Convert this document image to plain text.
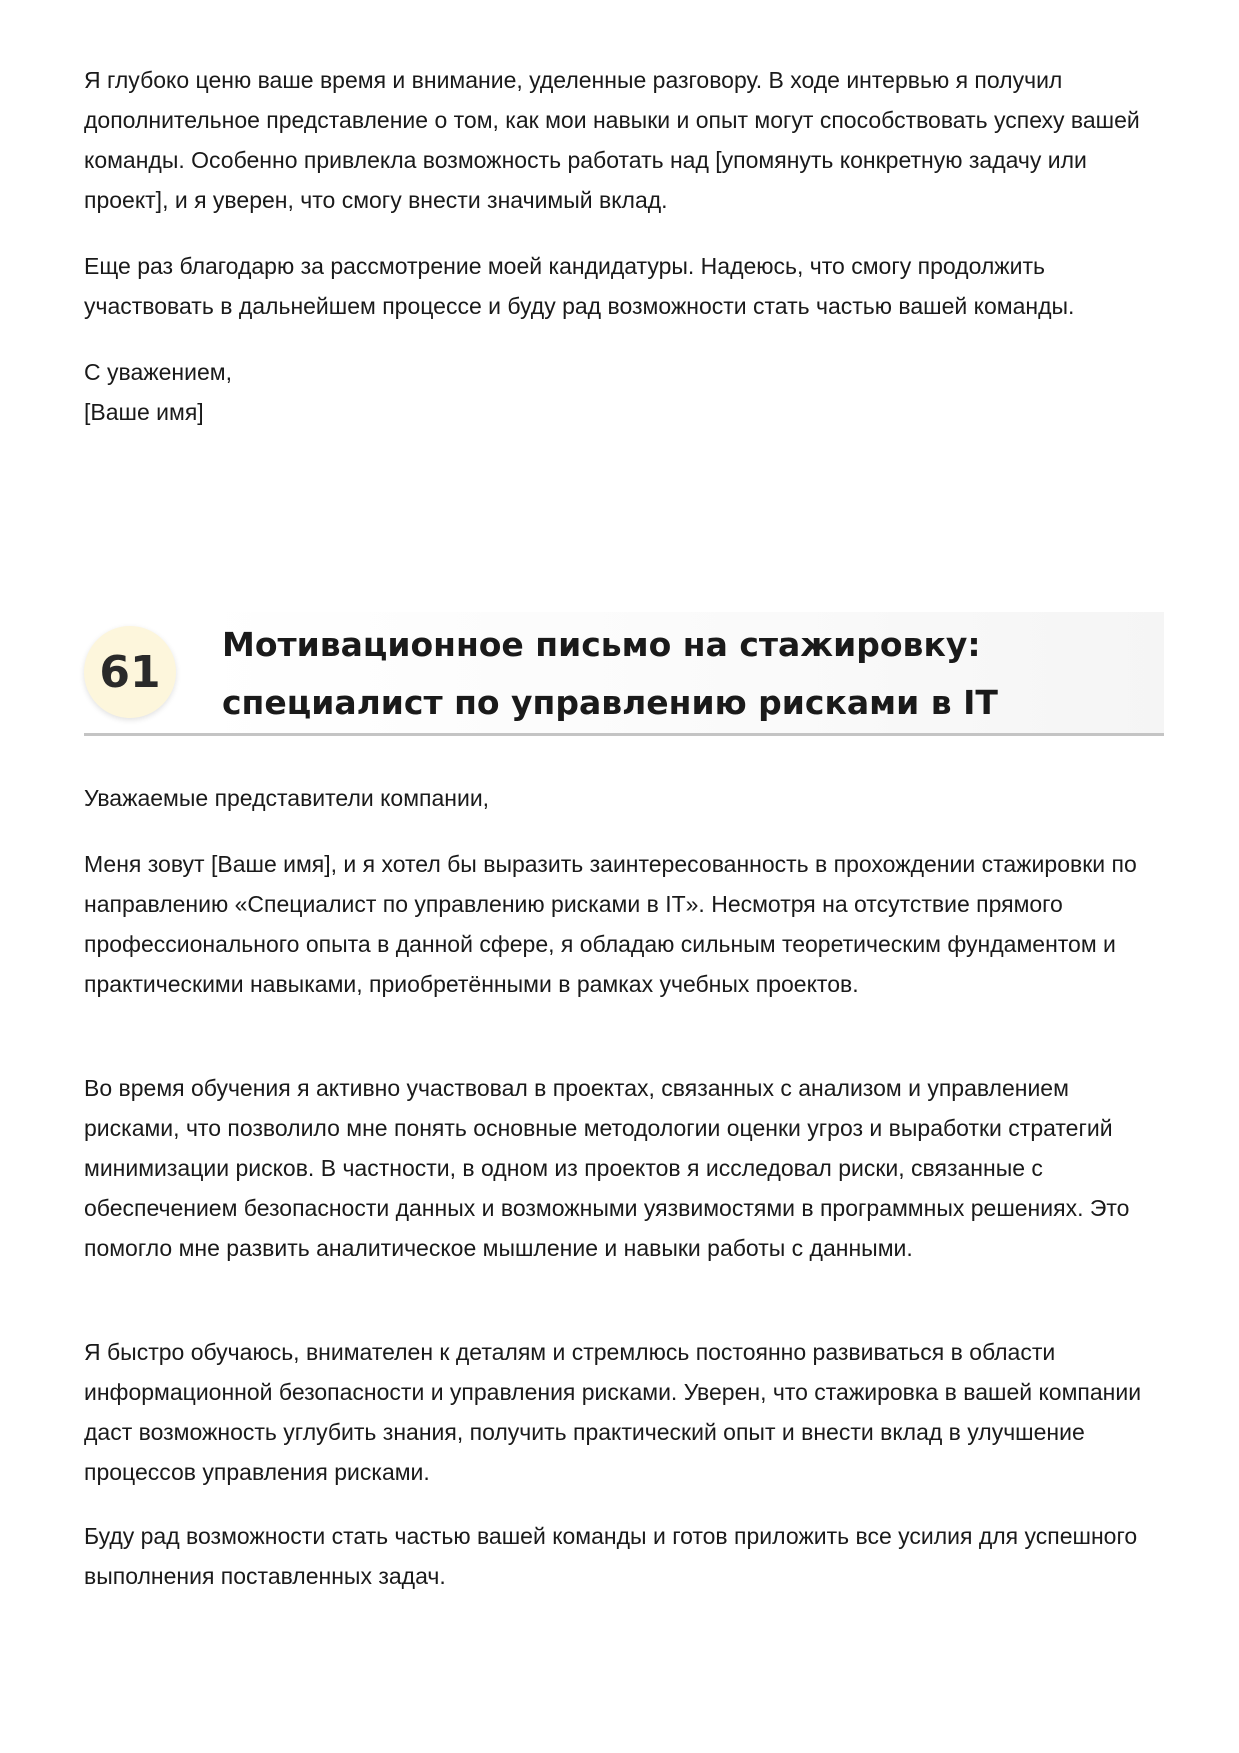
Я глубоко ценю ваше время и внимание, уделенные разговору. В ходе интервью я получил дополнительное представление о том, как мои навыки и опыт могут способствовать успеху вашей команды. Особенно привлекла возможность работать над [упомянуть конкретную задачу или проект], и я уверен, что смогу внести значимый вклад.

Еще раз благодарю за рассмотрение моей кандидатуры. Надеюсь, что смогу продолжить участвовать в дальнейшем процессе и буду рад возможности стать частью вашей команды.

С уважением,
[Ваше имя]

61
Мотивационное письмо на стажировку:
специалист по управлению рисками в IT

Уважаемые представители компании,

Меня зовут [Ваше имя], и я хотел бы выразить заинтересованность в прохождении стажировки по направлению «Специалист по управлению рисками в IT». Несмотря на отсутствие прямого профессионального опыта в данной сфере, я обладаю сильным теоретическим фундаментом и практическими навыками, приобретёнными в рамках учебных проектов.

Во время обучения я активно участвовал в проектах, связанных с анализом и управлением рисками, что позволило мне понять основные методологии оценки угроз и выработки стратегий минимизации рисков. В частности, в одном из проектов я исследовал риски, связанные с обеспечением безопасности данных и возможными уязвимостями в программных решениях. Это помогло мне развить аналитическое мышление и навыки работы с данными.

Я быстро обучаюсь, внимателен к деталям и стремлюсь постоянно развиваться в области информационной безопасности и управления рисками. Уверен, что стажировка в вашей компании даст возможность углубить знания, получить практический опыт и внести вклад в улучшение процессов управления рисками.

Буду рад возможности стать частью вашей команды и готов приложить все усилия для успешного выполнения поставленных задач.
